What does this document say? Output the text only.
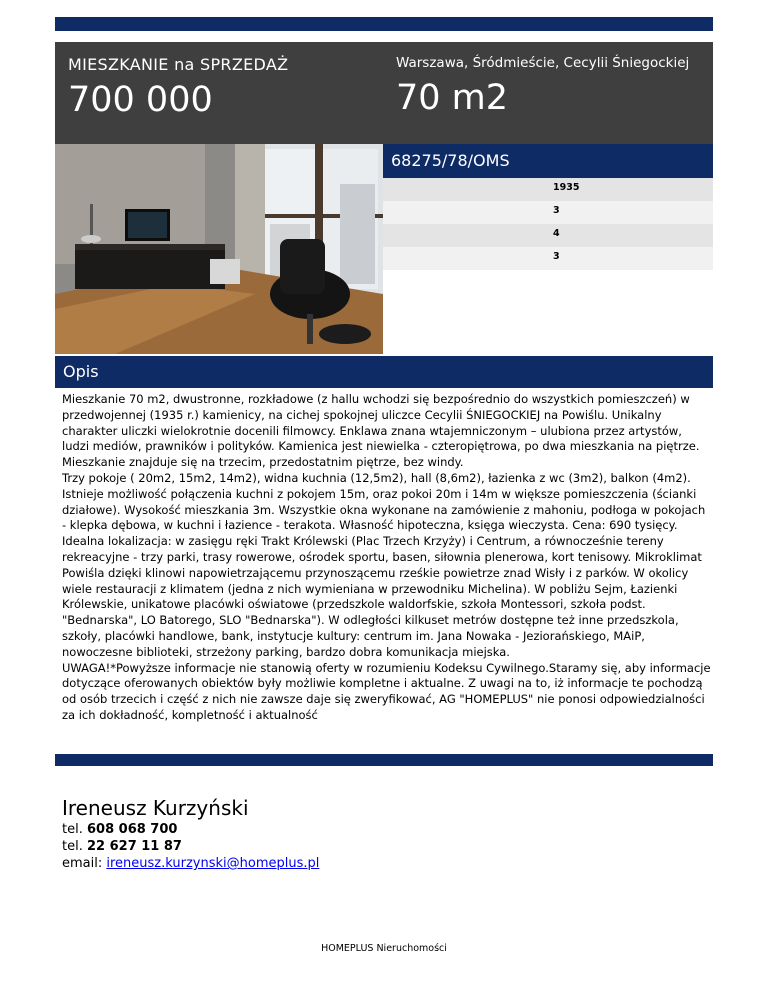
MIESZKANIE na SPRZEDAŻ
700 000
Warszawa, Śródmieście, Cecylii Śniegockiej
70 m2
68275/78/OMS
1935
3
4
3
Opis

Mieszkanie 70 m2, dwustronne, rozkładowe (z hallu wchodzi się bezpośrednio do wszystkich pomieszczeń) w przedwojennej (1935 r.) kamienicy, na cichej spokojnej uliczce Cecylii ŚNIEGOCKIEJ na Powiślu. Unikalny charakter uliczki wielokrotnie docenili filmowcy. Enklawa znana wtajemniczonym – ulubiona przez artystów, ludzi mediów, prawników i polityków. Kamienica jest niewielka - czteropiętrowa, po dwa mieszkania na piętrze. Mieszkanie znajduje się na trzecim, przedostatnim piętrze, bez windy.

Trzy pokoje ( 20m2, 15m2, 14m2), widna kuchnia (12,5m2), hall (8,6m2), łazienka z wc (3m2), balkon (4m2). Istnieje możliwość połączenia kuchni z pokojem 15m, oraz pokoi 20m i 14m w większe pomieszczenia (ścianki działowe). Wysokość mieszkania 3m. Wszystkie okna wykonane na zamówienie z mahoniu, podłoga w pokojach - klepka dębowa, w kuchni i łazience - terakota. Własność hipoteczna, księga wieczysta. Cena: 690 tysięcy. Idealna lokalizacja: w zasięgu ręki Trakt Królewski (Plac Trzech Krzyży) i Centrum, a równocześnie tereny rekreacyjne - trzy parki, trasy rowerowe, ośrodek sportu, basen, siłownia plenerowa, kort tenisowy. Mikroklimat Powiśla dzięki klinowi napowietrzającemu przynoszącemu rześkie powietrze znad Wisły i z parków. W okolicy wiele restauracji z klimatem (jedna z nich wymieniana w przewodniku Michelina). W pobliżu Sejm, Łazienki Królewskie, unikatowe placówki oświatowe (przedszkole waldorfskie, szkoła Montessori, szkoła podst. "Bednarska", LO Batorego, SLO "Bednarska"). W odległości kilkuset metrów dostępne też inne przedszkola, szkoły, placówki handlowe, bank, instytucje kultury: centrum im. Jana Nowaka - Jeziorańskiego, MAiP, nowoczesne biblioteki, strzeżony parking, bardzo dobra komunikacja miejska.

UWAGA!*Powyższe informacje nie stanowią oferty w rozumieniu Kodeksu Cywilnego.Staramy się, aby informacje dotyczące oferowanych obiektów były możliwie kompletne i aktualne. Z uwagi na to, iż informacje te pochodzą od osób trzecich i część z nich nie zawsze daje się zweryfikować, AG "HOMEPLUS" nie ponosi odpowiedzialności za ich dokładność, kompletność i aktualność

Ireneusz Kurzyński
tel. 608 068 700
tel. 22 627 11 87
email: ireneusz.kurzynski@homeplus.pl
HOMEPLUS Nieruchomości
